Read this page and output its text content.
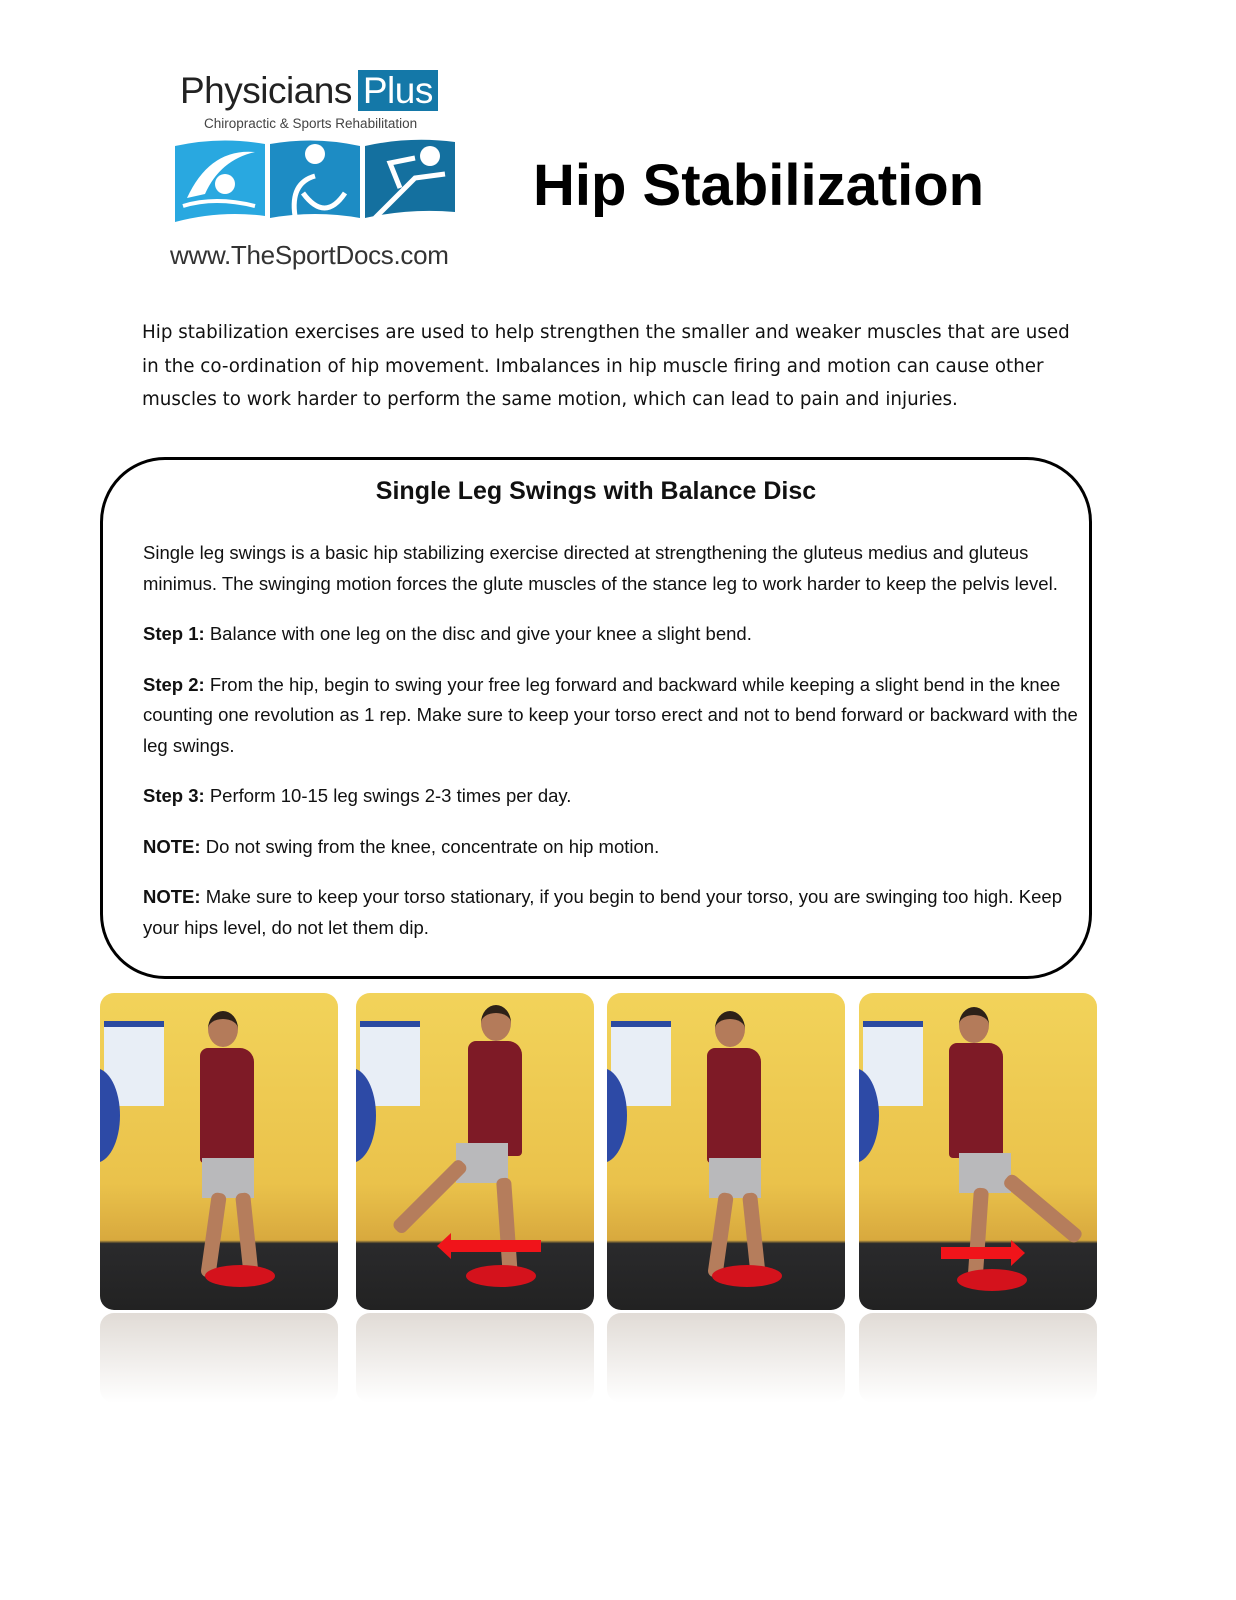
Physicians Plus
Chiropractic & Sports Rehabilitation
www.TheSportDocs.com
Hip Stabilization

Hip stabilization exercises are used to help strengthen the smaller and weaker muscles that are used in the co-ordination of hip movement. Imbalances in hip muscle firing and motion can cause other muscles to work harder to perform the same motion, which can lead to pain and injuries.

Single Leg Swings with Balance Disc

Single leg swings is a basic hip stabilizing exercise directed at strengthening the gluteus medius and gluteus minimus. The swinging motion forces the glute muscles of the stance leg to work harder to keep the pelvis level.

Step 1: Balance with one leg on the disc and give your knee a slight bend.

Step 2: From the hip, begin to swing your free leg forward and backward while keeping a slight bend in the knee counting one revolution as 1 rep. Make sure to keep your torso erect and not to bend forward or backward with the leg swings.

Step 3: Perform 10-15 leg swings 2-3 times per day.

NOTE: Do not swing from the knee, concentrate on hip motion.

NOTE: Make sure to keep your torso stationary, if you begin to bend your torso, you are swinging too high. Keep your hips level, do not let them dip.
